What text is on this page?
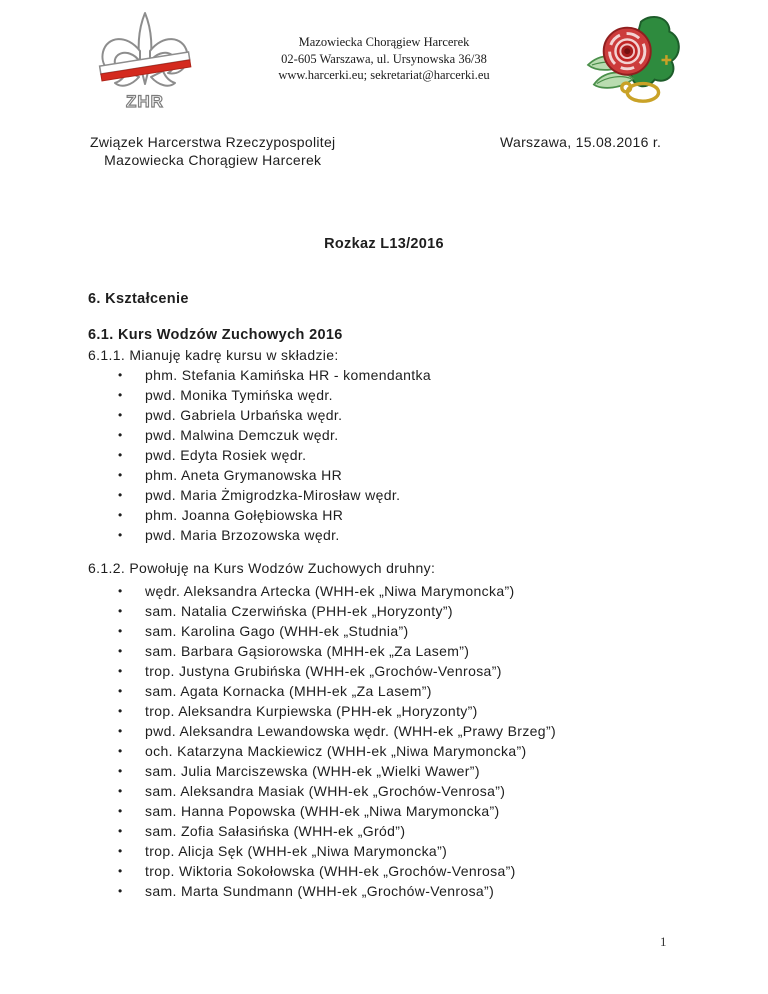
ZHR
Mazowiecka Chorągiew Harcerek
02-605 Warszawa, ul. Ursynowska 36/38
www.harcerki.eu; sekretariat@harcerki.eu
Związek Harcerstwa Rzeczypospolitej
Mazowiecka Chorągiew Harcerek
Warszawa, 15.08.2016 r.
Rozkaz L13/2016

6. Kształcenie

6.1. Kurs Wodzów Zuchowych 2016

6.1.1. Mianuję kadrę kursu w składzie:

• phm. Stefania Kamińska HR - komendantka
• pwd. Monika Tymińska wędr.
• pwd. Gabriela Urbańska wędr.
• pwd. Malwina Demczuk wędr.
• pwd. Edyta Rosiek wędr.
• phm. Aneta Grymanowska HR
• pwd. Maria Żmigrodzka-Mirosław wędr.
• phm. Joanna Gołębiowska HR
• pwd. Maria Brzozowska wędr.

6.1.2. Powołuję na Kurs Wodzów Zuchowych druhny:

• wędr. Aleksandra Artecka (WHH-ek „Niwa Marymoncka”)
• sam. Natalia Czerwińska (PHH-ek „Horyzonty”)
• sam. Karolina Gago (WHH-ek „Studnia”)
• sam. Barbara Gąsiorowska (MHH-ek „Za Lasem”)
• trop. Justyna Grubińska (WHH-ek „Grochów-Venrosa”)
• sam. Agata Kornacka (MHH-ek „Za Lasem”)
• trop. Aleksandra Kurpiewska (PHH-ek „Horyzonty”)
• pwd. Aleksandra Lewandowska wędr. (WHH-ek „Prawy Brzeg”)
• och. Katarzyna Mackiewicz (WHH-ek „Niwa Marymoncka”)
• sam. Julia Marciszewska (WHH-ek „Wielki Wawer”)
• sam. Aleksandra Masiak (WHH-ek „Grochów-Venrosa”)
• sam. Hanna Popowska (WHH-ek „Niwa Marymoncka”)
• sam. Zofia Sałasińska (WHH-ek „Gród”)
• trop. Alicja Sęk (WHH-ek „Niwa Marymoncka”)
• trop. Wiktoria Sokołowska (WHH-ek „Grochów-Venrosa”)
• sam. Marta Sundmann (WHH-ek „Grochów-Venrosa”)
1
